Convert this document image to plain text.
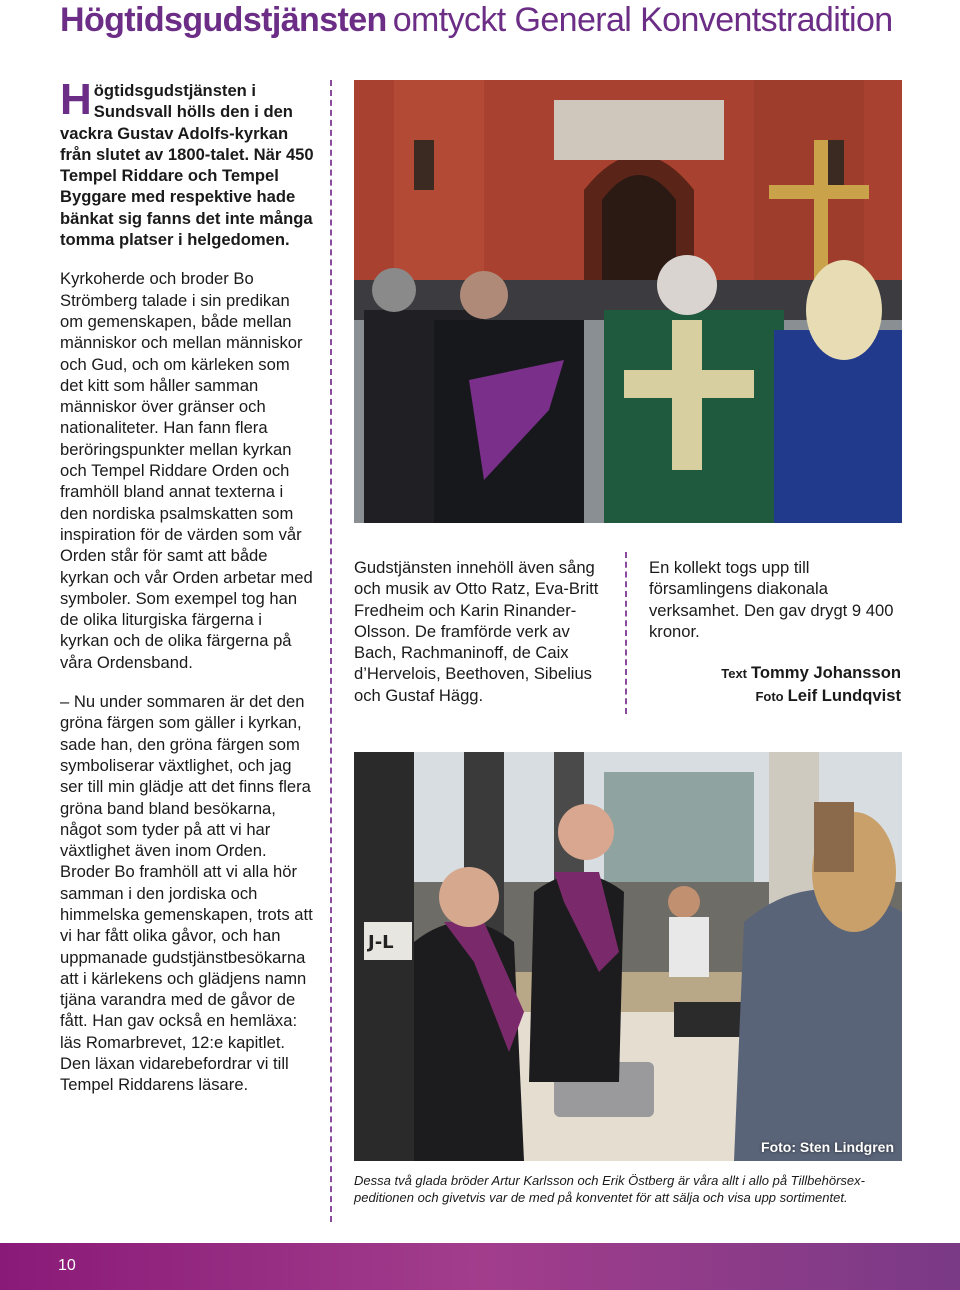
Högtidsgudstjänsten omtyckt General Konventstradition

Högtidsgudstjänsten i Sundsvall hölls den i den vackra Gustav Adolfs-kyrkan från slutet av 1800-talet. När 450 Tempel Riddare och Tempel Byggare med respektive hade bänkat sig fanns det inte många tomma platser i helgedomen.

Kyrkoherde och broder Bo Strömberg talade i sin predikan om gemenskapen, både mellan människor och mellan människor och Gud, och om kärleken som det kitt som håller samman människor över gränser och nationaliteter. Han fann flera beröringspunkter mellan kyrkan och Tempel Riddare Orden och framhöll bland annat texterna i den nordiska psalmskatten som inspiration för de värden som vår Orden står för samt att både kyrkan och vår Orden arbetar med symboler. Som exempel tog han de olika liturgiska färgerna i kyrkan och de olika färgerna på våra Ordensband.

– Nu under sommaren är det den gröna färgen som gäller i kyrkan, sade han, den gröna färgen som symboliserar växtlighet, och jag ser till min glädje att det finns flera gröna band bland besökarna, något som tyder på att vi har växtlighet även inom Orden. Broder Bo framhöll att vi alla hör samman i den jordiska och himmelska gemenskapen, trots att vi har fått olika gåvor, och han uppmanade gudstjänstbesökarna att i kärlekens och glädjens namn tjäna varandra med de gåvor de fått. Han gav också en hemläxa: läs Romarbrevet, 12:e kapitlet. Den läxan vidarebefordrar vi till Tempel Riddarens läsare.

Gudstjänsten innehöll även sång och musik av Otto Ratz, Eva-Britt Fredheim och Karin Rinander-Olsson. De framförde verk av Bach, Rachmaninoff, de Caix d’Hervelois, Beethoven, Sibelius och Gustaf Hägg.

En kollekt togs upp till församlingens diakonala verksamhet. Den gav drygt 9 400 kronor.

Text Tommy Johansson
Foto Leif Lundqvist
J-L
Foto: Sten Lindgren
Dessa två glada bröder Artur Karlsson och Erik Östberg är våra allt i allo på Tillbehörsexpeditionen och givetvis var de med på konventet för att sälja och visa upp sortimentet.
10
